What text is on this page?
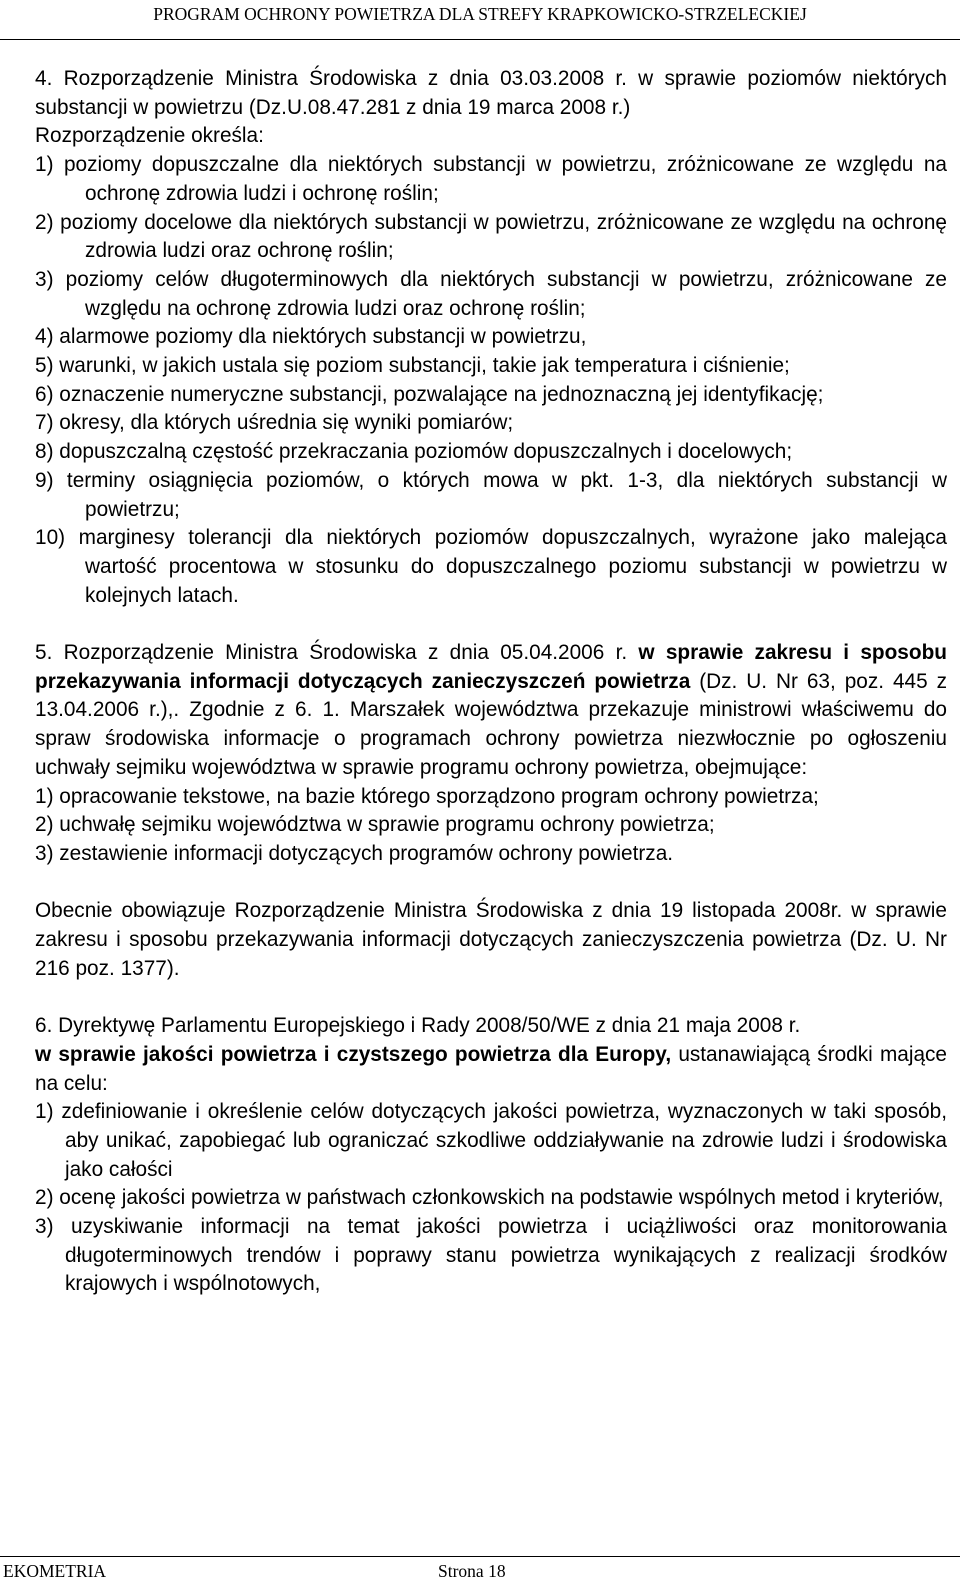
PROGRAM OCHRONY POWIETRZA DLA STREFY KRAPKOWICKO-STRZELECKIEJ

4. Rozporządzenie Ministra Środowiska z dnia 03.03.2008 r. w sprawie poziomów niektórych substancji w powietrzu (Dz.U.08.47.281 z dnia 19 marca 2008 r.)

Rozporządzenie określa:

1) poziomy dopuszczalne dla niektórych substancji w powietrzu, zróżnicowane ze względu na ochronę zdrowia ludzi i ochronę roślin;

2) poziomy docelowe dla niektórych substancji w powietrzu, zróżnicowane ze względu na ochronę zdrowia ludzi oraz ochronę roślin;

3) poziomy celów długoterminowych dla niektórych substancji w powietrzu, zróżnicowane ze względu na ochronę zdrowia ludzi oraz ochronę roślin;

4) alarmowe poziomy dla niektórych substancji w powietrzu,

5) warunki, w jakich ustala się poziom substancji, takie jak temperatura i ciśnienie;

6) oznaczenie numeryczne substancji, pozwalające na jednoznaczną jej identyfikację;

7) okresy, dla których uśrednia się wyniki pomiarów;

8) dopuszczalną częstość przekraczania poziomów dopuszczalnych i docelowych;

9) terminy osiągnięcia poziomów, o których mowa w pkt. 1-3, dla niektórych substancji w powietrzu;

10) marginesy tolerancji dla niektórych poziomów dopuszczalnych, wyrażone jako malejąca wartość procentowa w stosunku do dopuszczalnego poziomu substancji w powietrzu w kolejnych latach.

5. Rozporządzenie Ministra Środowiska z dnia 05.04.2006 r. w sprawie zakresu i sposobu przekazywania informacji dotyczących zanieczyszczeń powietrza (Dz. U. Nr 63, poz. 445 z 13.04.2006 r.),. Zgodnie z 6. 1. Marszałek województwa przekazuje ministrowi właściwemu do spraw środowiska informacje o programach ochrony powietrza niezwłocznie po ogłoszeniu uchwały sejmiku województwa w sprawie programu ochrony powietrza, obejmujące:

1) opracowanie tekstowe, na bazie którego sporządzono program ochrony powietrza;

2) uchwałę sejmiku województwa w sprawie programu ochrony powietrza;

3) zestawienie informacji dotyczących programów ochrony powietrza.

Obecnie obowiązuje Rozporządzenie Ministra Środowiska z dnia 19 listopada 2008r. w sprawie zakresu i sposobu przekazywania informacji dotyczących zanieczyszczenia powietrza (Dz. U. Nr 216 poz. 1377).

6. Dyrektywę Parlamentu Europejskiego i Rady 2008/50/WE z dnia 21 maja 2008 r.

w sprawie jakości powietrza i czystszego powietrza dla Europy, ustanawiającą środki mające na celu:

1) zdefiniowanie i określenie celów dotyczących jakości powietrza, wyznaczonych w taki sposób, aby unikać, zapobiegać lub ograniczać szkodliwe oddziaływanie na zdrowie ludzi i środowiska jako całości

2) ocenę jakości powietrza w państwach członkowskich na podstawie wspólnych metod i kryteriów,

3) uzyskiwanie informacji na temat jakości powietrza i uciążliwości oraz monitorowania długoterminowych trendów i poprawy stanu powietrza wynikających z realizacji środków krajowych i wspólnotowych,

EKOMETRIA	Strona 18
